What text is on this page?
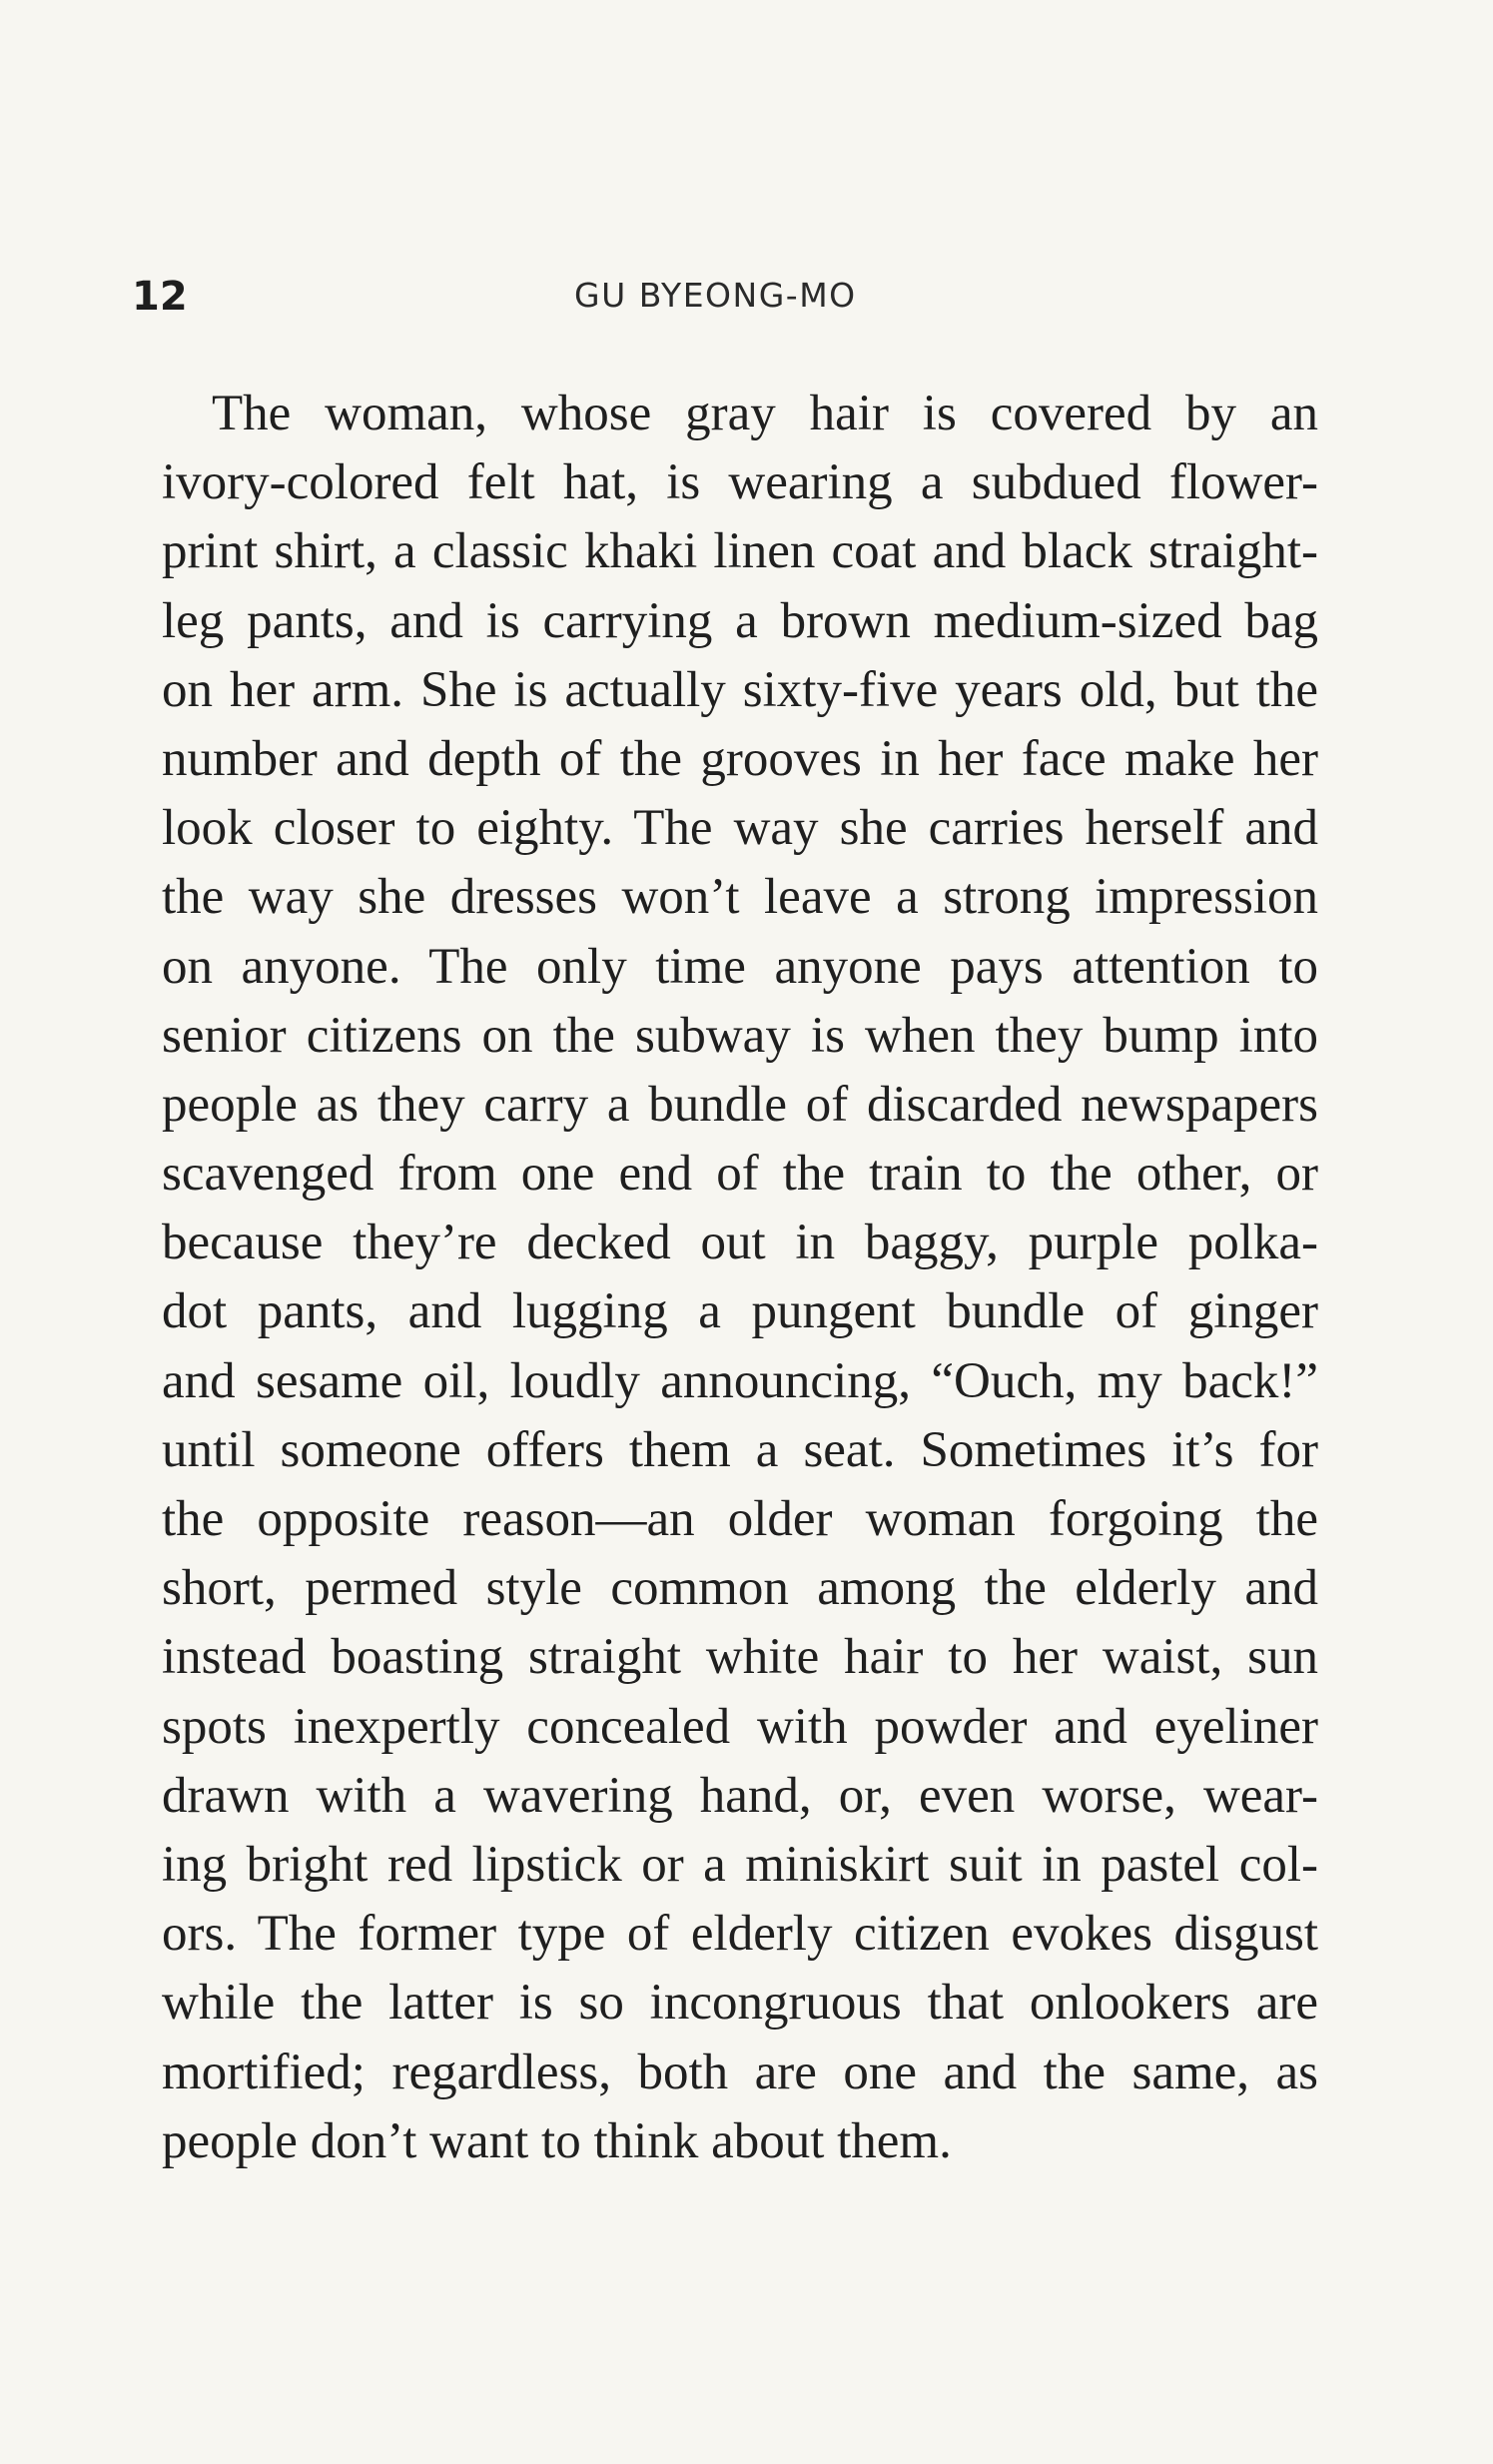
12	GU BYEONG-MO
The woman, whose gray hair is covered by an
ivory-colored felt hat, is wearing a subdued flower-
print shirt, a classic khaki linen coat and black straight-
leg pants, and is carrying a brown medium-sized bag
on her arm. She is actually sixty-five years old, but the
number and depth of the grooves in her face make her
look closer to eighty. The way she carries herself and
the way she dresses won’t leave a strong impression
on anyone. The only time anyone pays attention to
senior citizens on the subway is when they bump into
people as they carry a bundle of discarded newspapers
scavenged from one end of the train to the other, or
because they’re decked out in baggy, purple polka-
dot pants, and lugging a pungent bundle of ginger
and sesame oil, loudly announcing, “Ouch, my back!”
until someone offers them a seat. Sometimes it’s for
the opposite reason—an older woman forgoing the
short, permed style common among the elderly and
instead boasting straight white hair to her waist, sun
spots inexpertly concealed with powder and eyeliner
drawn with a wavering hand, or, even worse, wear-
ing bright red lipstick or a miniskirt suit in pastel col-
ors. The former type of elderly citizen evokes disgust
while the latter is so incongruous that onlookers are
mortified; regardless, both are one and the same, as
people don’t want to think about them.
